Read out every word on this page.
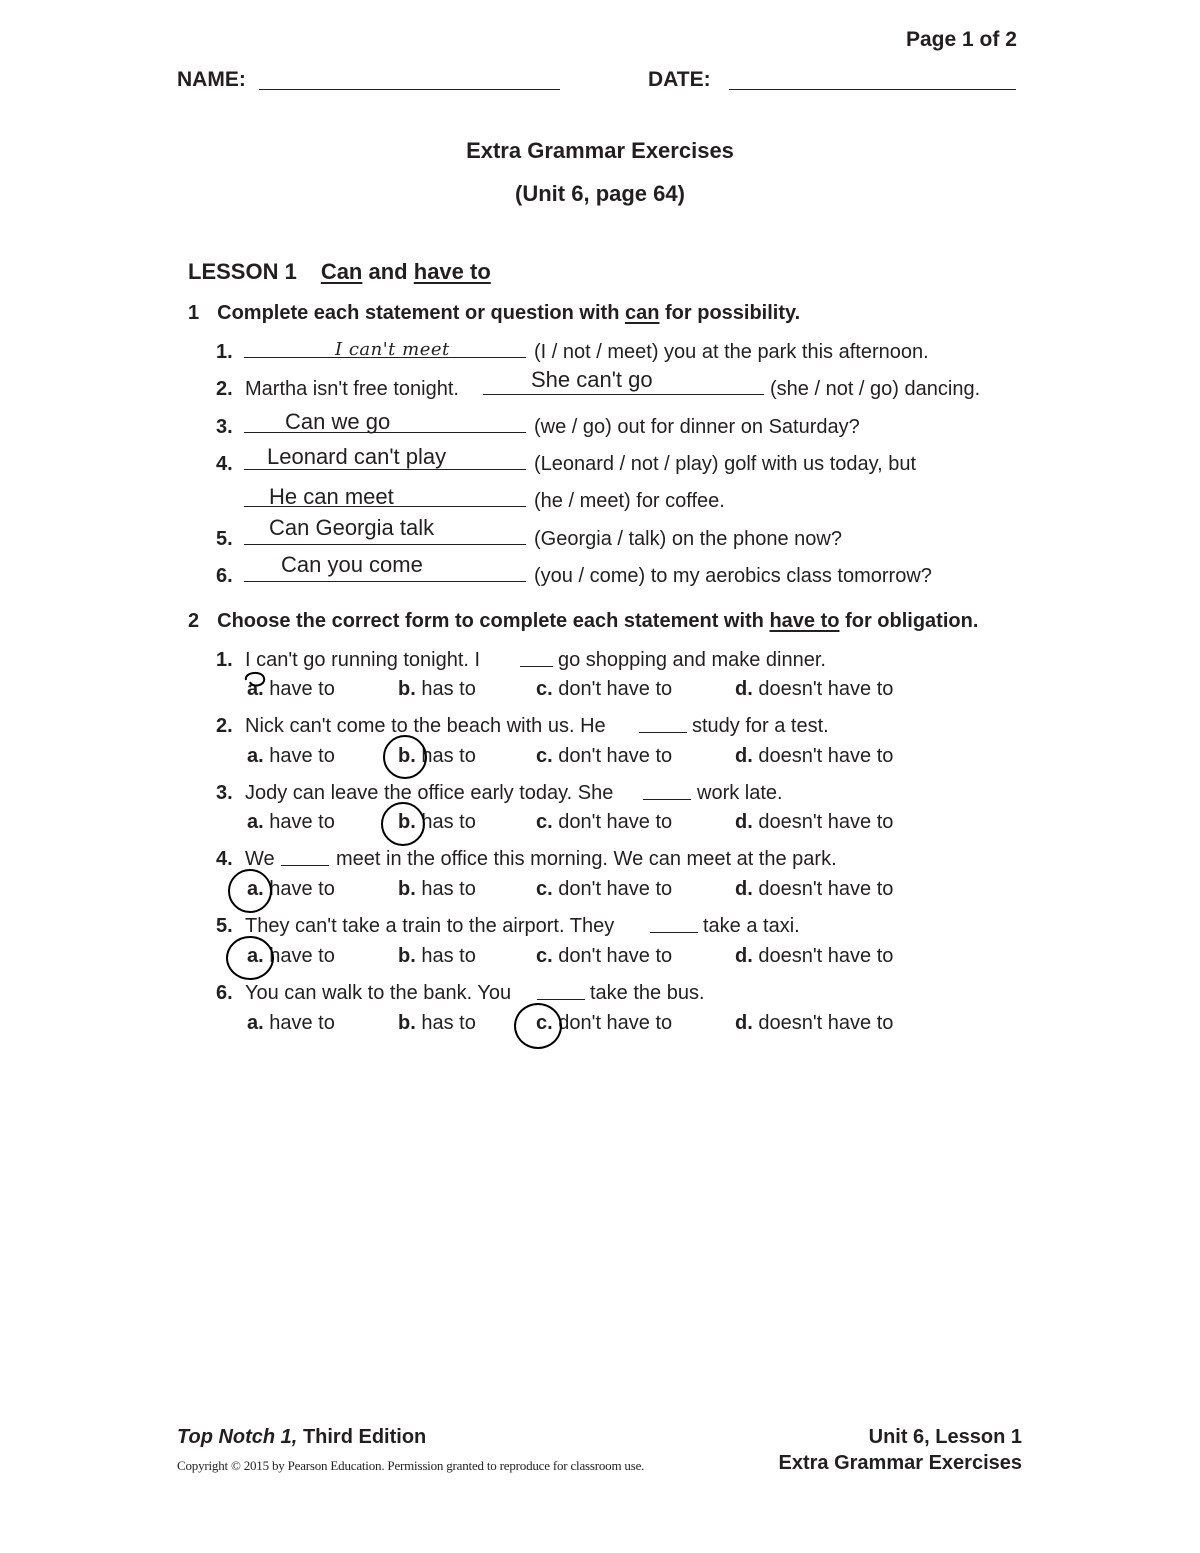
Page 1 of 2
NAME:	DATE:
Extra Grammar Exercises
(Unit 6, page 64)
LESSON 1 Can and have to
1 Complete each statement or question with can for possibility.
1.	I can't meet	(I / not / meet) you at the park this afternoon.
2. Martha isn't free tonight.	She can't go	(she / not / go) dancing.
3. Can we go	(we / go) out for dinner on Saturday?
4. Leonard can't play	(Leonard / not / play) golf with us today, but
He can meet	(he / meet) for coffee.
5. Can Georgia talk	(Georgia / talk) on the phone now?
6. Can you come	(you / come) to my aerobics class tomorrow?
2 Choose the correct form to complete each statement with have to for obligation.
1. I can't go running tonight. I	go shopping and make dinner.
a. have to	b. has to	c. don't have to	d. doesn't have to
2. Nick can't come to the beach with us. He	study for a test.
a. have to	b. has to	c. don't have to	d. doesn't have to
3. Jody can leave the office early today. She	work late.
a. have to	b. has to	c. don't have to	d. doesn't have to
4. We	meet in the office this morning. We can meet at the park.
a. have to	b. has to	c. don't have to	d. doesn't have to
5. They can't take a train to the airport. They	take a taxi.
a. have to	b. has to	c. don't have to	d. doesn't have to
6. You can walk to the bank. You	take the bus.
a. have to	b. has to	c. don't have to	d. doesn't have to
Top Notch 1, Third Edition
Copyright © 2015 by Pearson Education. Permission granted to reproduce for classroom use.
Unit 6, Lesson 1
Extra Grammar Exercises
